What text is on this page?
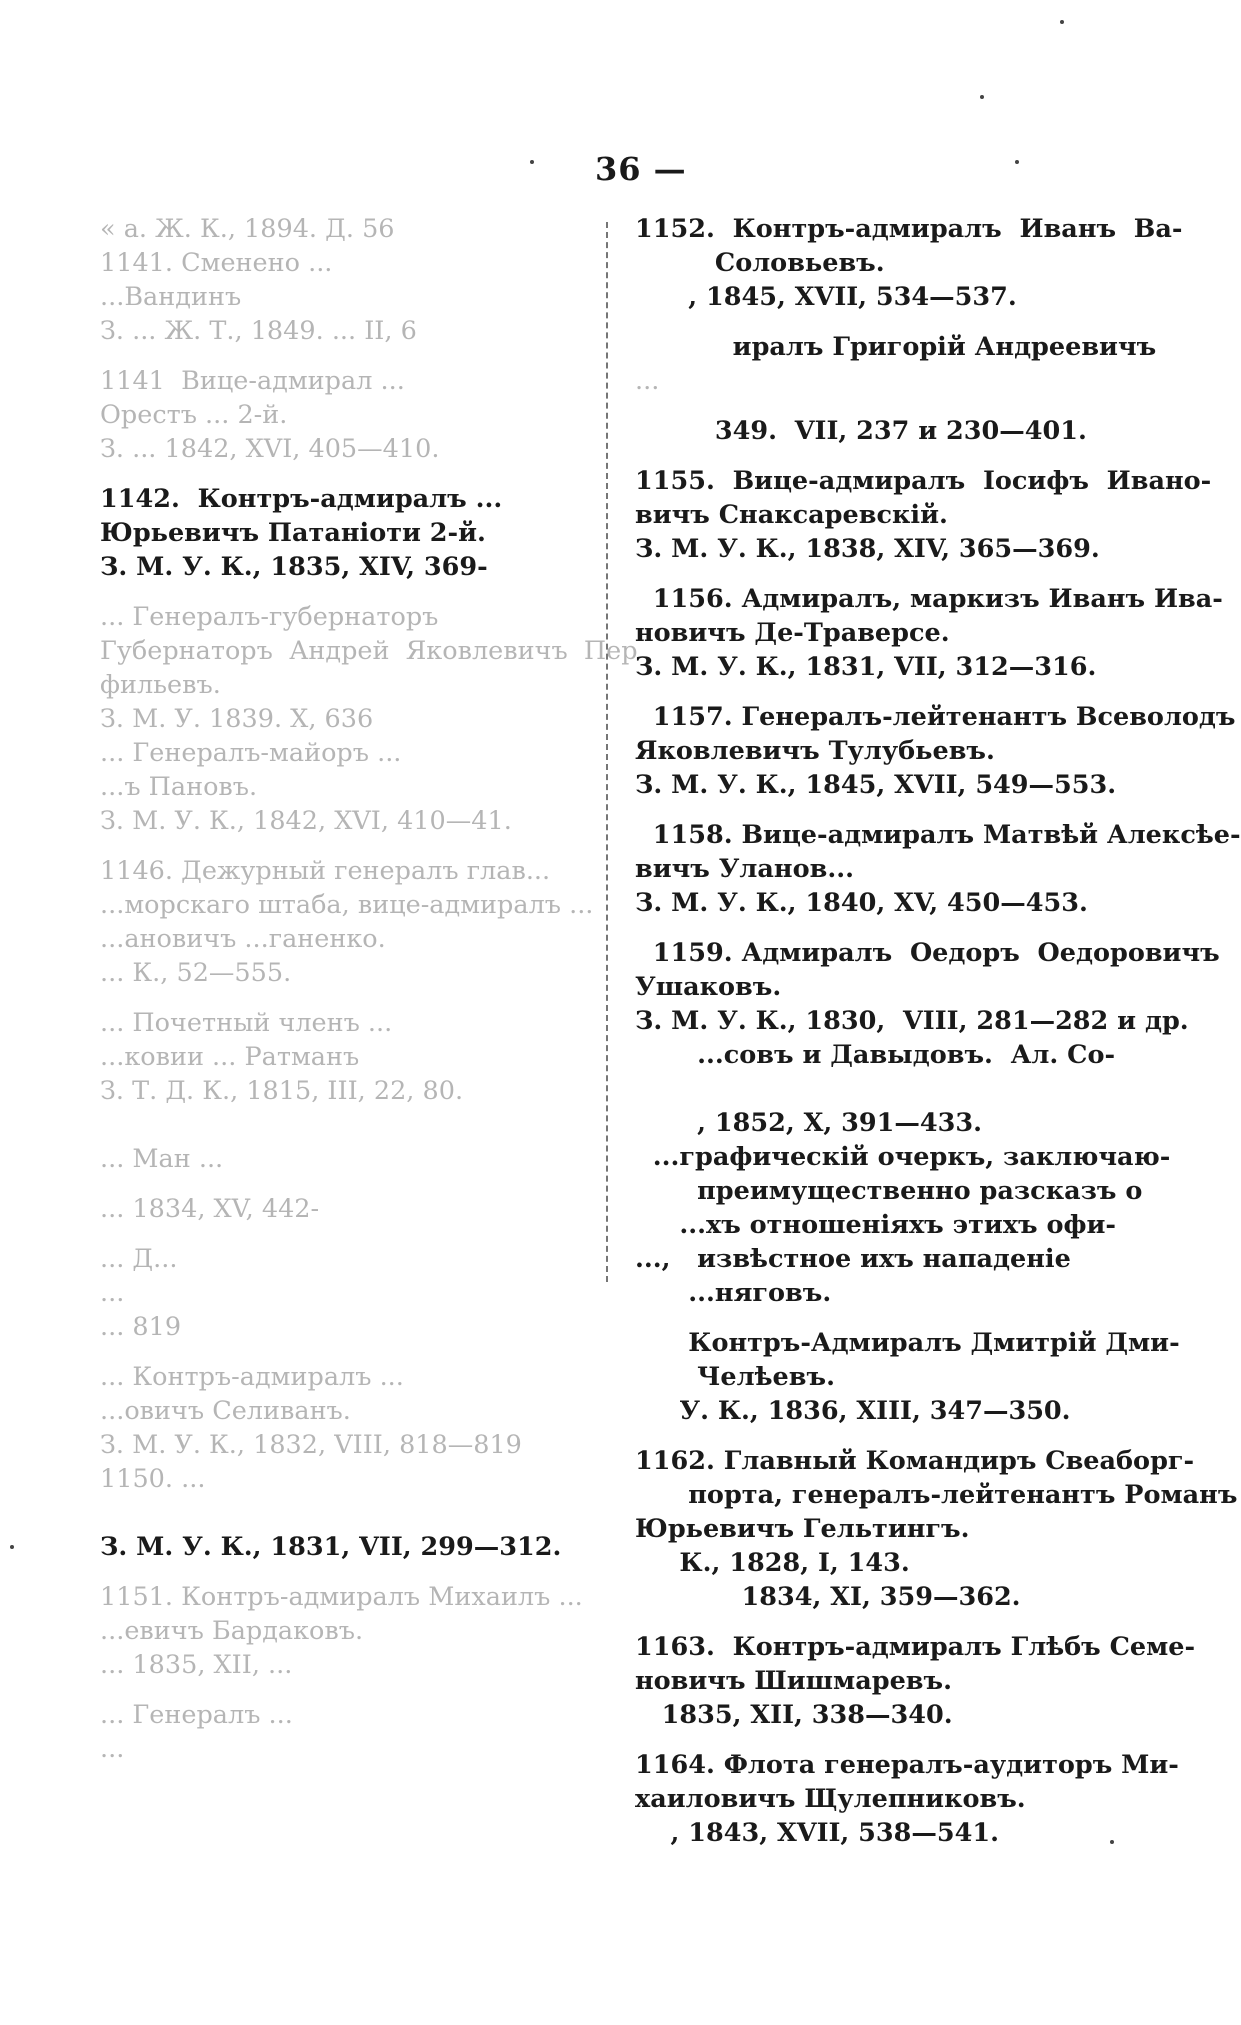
36 —
« а. Ж. К., 1894. Д. 56
1141. Сменено ...
...Вандинъ
З. ... Ж. Т., 1849. ... II, 6
1141  Вице-адмирал ...
Орестъ ... 2-й.
З. ... 1842, XVI, 405—410.
1142.  Контръ-адмиралъ ...
Юрьевичъ Патаніоти 2-й.
З. М. У. К., 1835, XIV, 369-
... Генералъ-губернаторъ
Губернаторъ  Андрей  Яковлевичъ  Пер
фильевъ.
З. М. У. 1839. X, 636
... Генералъ-майоръ ...
...ъ Пановъ.
З. М. У. К., 1842, XVI, 410—41.
1146. Дежурный генералъ глав...
...морскаго штаба, вице-адмиралъ ...
...ановичъ ...ганенко.
... К., 52—555.
... Почетный членъ ...
...ковии ... Ратманъ
З. Т. Д. К., 1815, III, 22, 80.
... Ман ...
... 1834, XV, 442-
... Д...
...
... 819
... Контръ-адмиралъ ...
...овичъ Селиванъ.
З. М. У. К., 1832, VIII, 818—819
1150. ...
З. М. У. К., 1831, VII, 299—312.
1151. Контръ-адмиралъ Михаилъ ...
...евичъ Бардаковъ.
... 1835, XII, ...
... Генералъ ...
...
1152.  Контръ-адмиралъ  Иванъ  Ва-
Соловьевъ.
, 1845, XVII, 534—537.
иралъ Григорій Андреевичъ
...
349.  VII, 237 и 230—401.
1155.  Вице-адмиралъ  Іосифъ  Ивано-
вичъ Снаксаревскій.
З. М. У. К., 1838, XIV, 365—369.
1156. Адмиралъ, маркизъ Иванъ Ива-
новичъ Де-Траверсе.
З. М. У. К., 1831, VII, 312—316.
1157. Генералъ-лейтенантъ Всеволодъ
Яковлевичъ Тулубьевъ.
З. М. У. К., 1845, XVII, 549—553.
1158. Вице-адмиралъ Матвѣй Алексѣе-
вичъ Уланов...
З. М. У. К., 1840, XV, 450—453.
1159. Адмиралъ  Оедоръ  Оедоровичъ
Ушаковъ.
З. М. У. К., 1830,  VIII, 281—282 и др.
...совъ и Давыдовъ.  Ал. Со-
, 1852, X, 391—433.
...графическій очеркъ, заключаю-
преимущественно разсказъ о
...хъ отношеніяхъ этихъ офи-
...,   извѣстное ихъ нападеніе
...няговъ.
Контръ-Адмиралъ Дмитрій Дми-
Челѣевъ.
У. К., 1836, XIII, 347—350.
1162. Главный Командиръ Свеаборг-
порта, генералъ-лейтенантъ Романъ
Юрьевичъ Гельтингъ.
К., 1828, I, 143.
1834, XI, 359—362.
1163.  Контръ-адмиралъ Глѣбъ Семе-
новичъ Шишмаревъ.
1835, XII, 338—340.
1164. Флота генералъ-аудиторъ Ми-
хаиловичъ Щулепниковъ.
, 1843, XVII, 538—541.
